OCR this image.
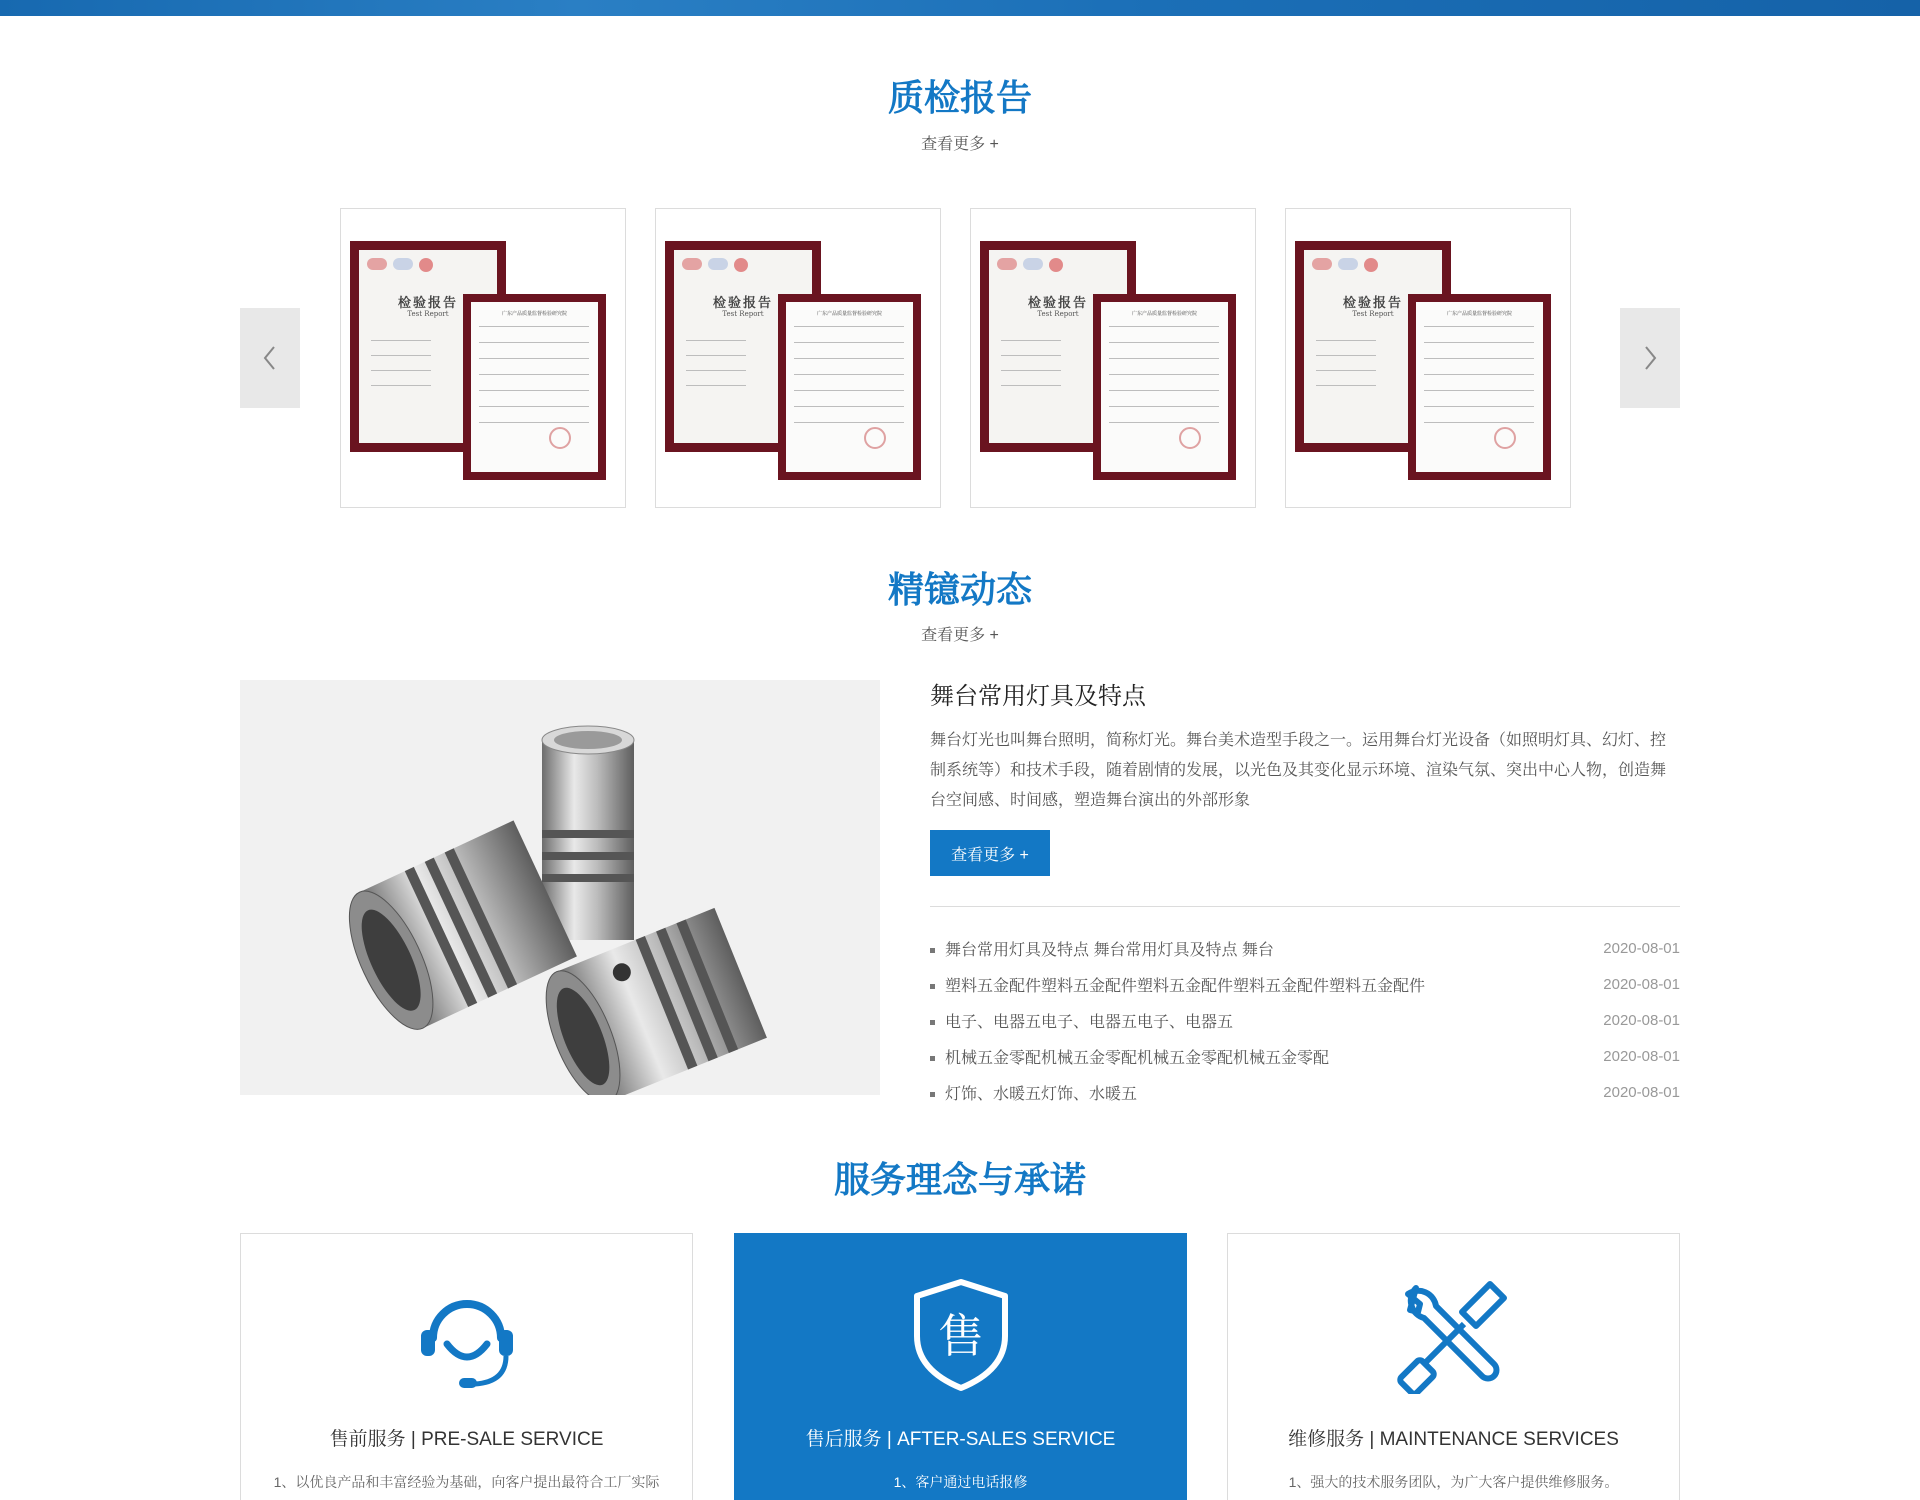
质检报告
查看更多 +
检验报告
Test Report	广东产品质量监督检验研究院
检验报告
Test Report	广东产品质量监督检验研究院
检验报告
Test Report	广东产品质量监督检验研究院
检验报告
Test Report	广东产品质量监督检验研究院
精镱动态
查看更多 +
舞台常用灯具及特点
舞台灯光也叫舞台照明，简称灯光。舞台美术造型手段之一。运用舞台灯光设备（如照明灯具、幻灯、控制系统等）和技术手段，随着剧情的发展，以光色及其变化显示环境、渲染气氛、突出中心人物，创造舞台空间感、时间感，塑造舞台演出的外部形象
查看更多 +
舞台常用灯具及特点 舞台常用灯具及特点 舞台	2020-08-01
塑料五金配件塑料五金配件塑料五金配件塑料五金配件塑料五金配件	2020-08-01
电子、电器五电子、电器五电子、电器五	2020-08-01
机械五金零配机械五金零配机械五金零配机械五金零配	2020-08-01
灯饰、水暖五灯饰、水暖五	2020-08-01
服务理念与承诺
售前服务 | PRE-SALE SERVICE
1、以优良产品和丰富经验为基础，向客户提出最符合工厂实际
售
售后服务 | AFTER-SALES SERVICE
1、客户通过电话报修
维修服务 | MAINTENANCE SERVICES
1、强大的技术服务团队，为广大客户提供维修服务。
